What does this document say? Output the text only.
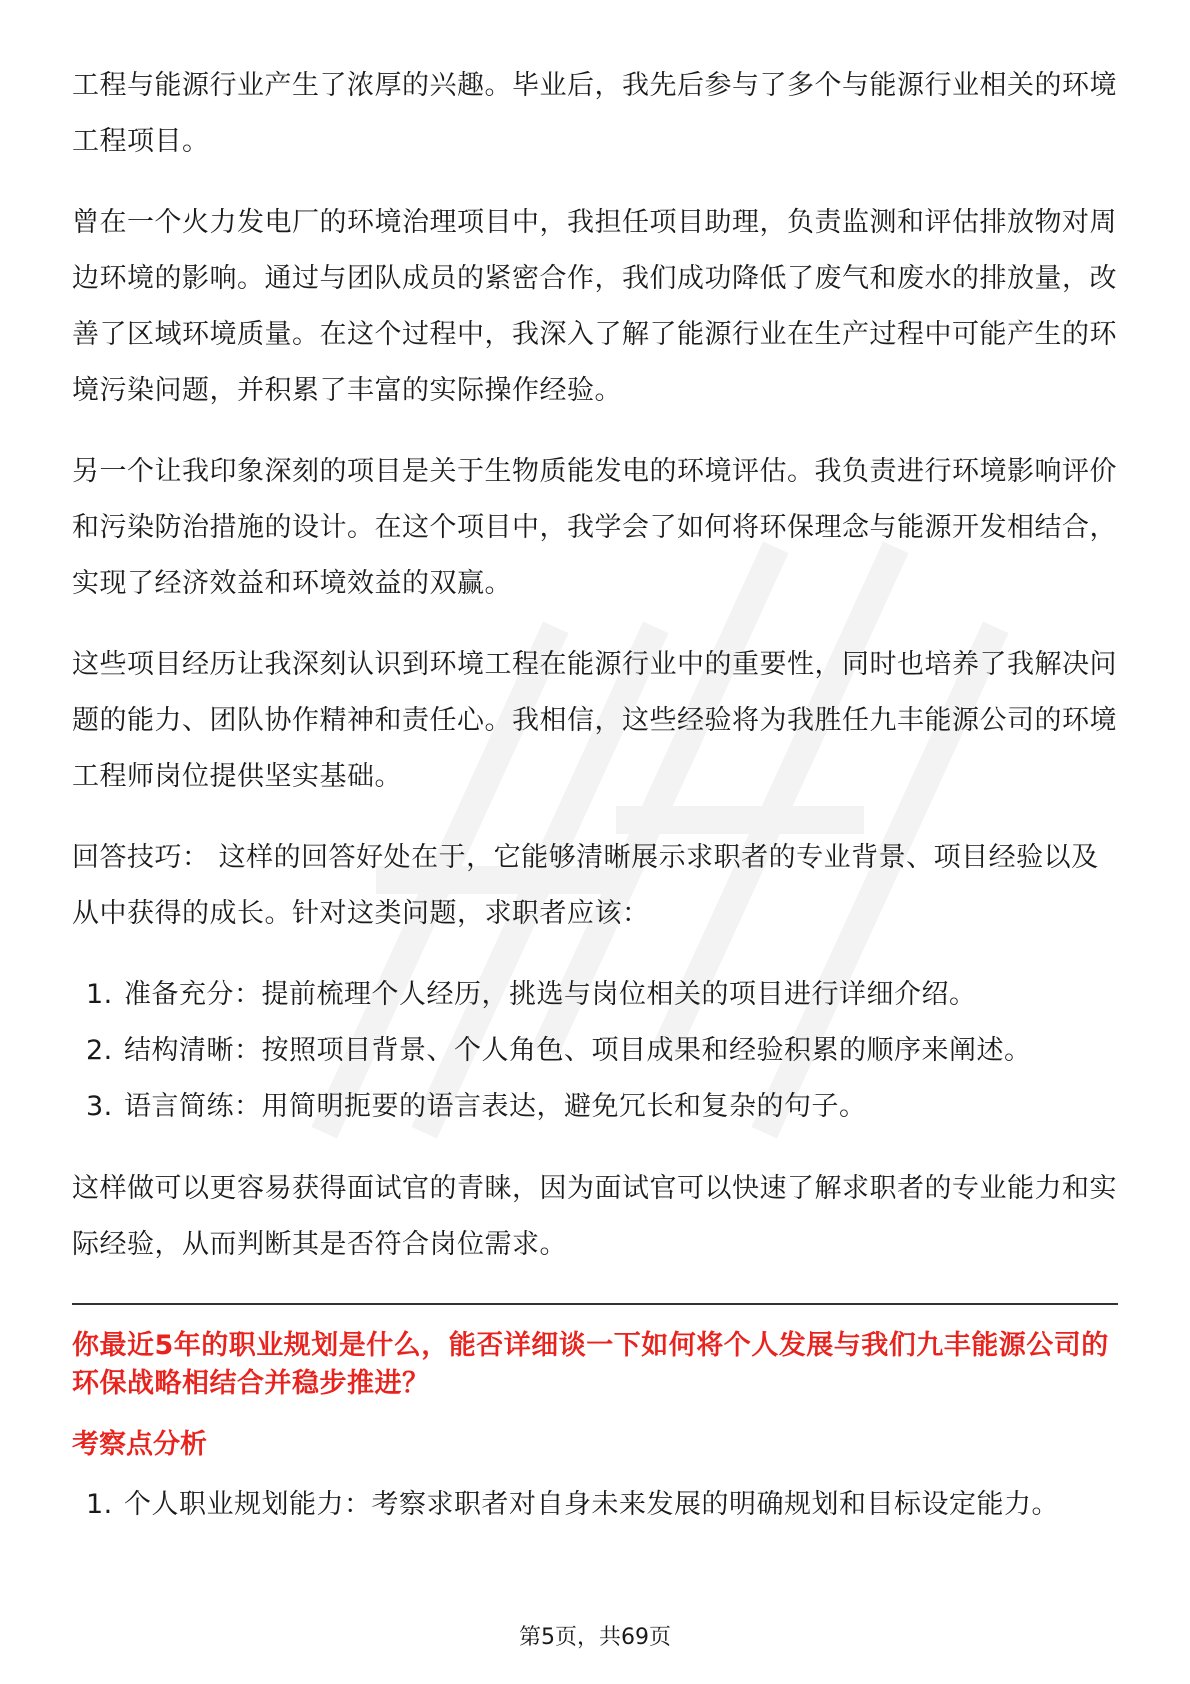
工程与能源行业产生了浓厚的兴趣。毕业后，我先后参与了多个与能源行业相关的环境工程项目。

曾在一个火力发电厂的环境治理项目中，我担任项目助理，负责监测和评估排放物对周边环境的影响。通过与团队成员的紧密合作，我们成功降低了废气和废水的排放量，改善了区域环境质量。在这个过程中，我深入了解了能源行业在生产过程中可能产生的环境污染问题，并积累了丰富的实际操作经验。

另一个让我印象深刻的项目是关于生物质能发电的环境评估。我负责进行环境影响评价和污染防治措施的设计。在这个项目中，我学会了如何将环保理念与能源开发相结合，实现了经济效益和环境效益的双赢。

这些项目经历让我深刻认识到环境工程在能源行业中的重要性，同时也培养了我解决问题的能力、团队协作精神和责任心。我相信，这些经验将为我胜任九丰能源公司的环境工程师岗位提供坚实基础。

回答技巧： 这样的回答好处在于，它能够清晰展示求职者的专业背景、项目经验以及从中获得的成长。针对这类问题，求职者应该：

1. 准备充分：提前梳理个人经历，挑选与岗位相关的项目进行详细介绍。
2. 结构清晰：按照项目背景、个人角色、项目成果和经验积累的顺序来阐述。
3. 语言简练：用简明扼要的语言表达，避免冗长和复杂的句子。

这样做可以更容易获得面试官的青睐，因为面试官可以快速了解求职者的专业能力和实际经验，从而判断其是否符合岗位需求。

你最近5年的职业规划是什么，能否详细谈一下如何将个人发展与我们九丰能源公司的环保战略相结合并稳步推进？
考察点分析
1. 个人职业规划能力：考察求职者对自身未来发展的明确规划和目标设定能力。
第5页，共69页
